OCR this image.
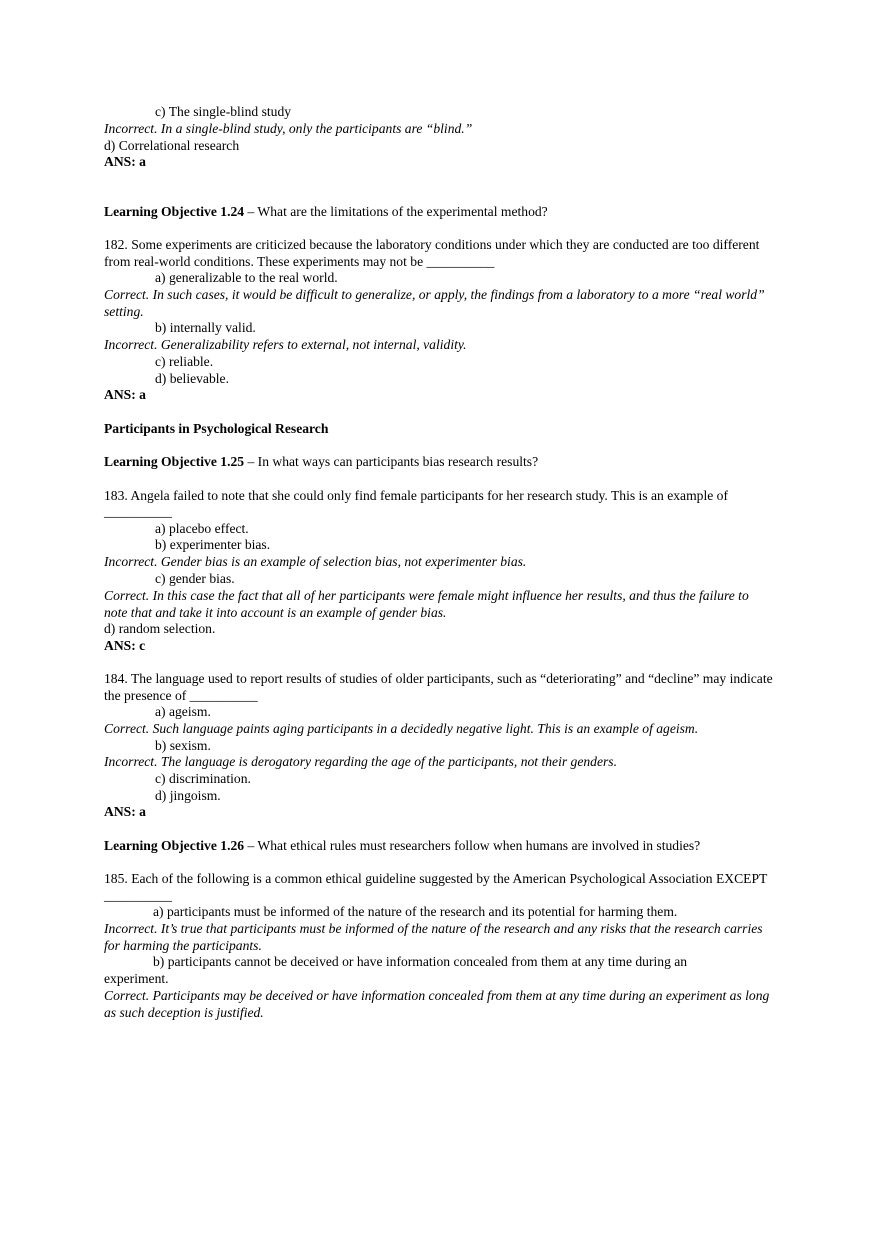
c) The single-blind study
Incorrect. In a single-blind study, only the participants are “blind.”
d) Correlational research
ANS: a
Learning Objective 1.24 – What are the limitations of the experimental method?
182. Some experiments are criticized because the laboratory conditions under which they are conducted are too different from real-world conditions. These experiments may not be __________
a) generalizable to the real world.
Correct. In such cases, it would be difficult to generalize, or apply, the findings from a laboratory to a more “real world” setting.
b) internally valid.
Incorrect. Generalizability refers to external, not internal, validity.
c) reliable.
d) believable.
ANS: a
Participants in Psychological Research
Learning Objective 1.25 – In what ways can participants bias research results?
183. Angela failed to note that she could only find female participants for her research study. This is an example of
__________
a) placebo effect.
b) experimenter bias.
Incorrect. Gender bias is an example of selection bias, not experimenter bias.
c) gender bias.
Correct. In this case the fact that all of her participants were female might influence her results, and thus the failure to note that and take it into account is an example of gender bias.
d) random selection.
ANS: c
184. The language used to report results of studies of older participants, such as “deteriorating” and “decline” may indicate the presence of __________
a) ageism.
Correct. Such language paints aging participants in a decidedly negative light. This is an example of ageism.
b) sexism.
Incorrect. The language is derogatory regarding the age of the participants, not their genders.
c) discrimination.
d) jingoism.
ANS: a
Learning Objective 1.26 – What ethical rules must researchers follow when humans are involved in studies?
185. Each of the following is a common ethical guideline suggested by the American Psychological Association EXCEPT __________
a) participants must be informed of the nature of the research and its potential for harming them.
Incorrect. It’s true that participants must be informed of the nature of the research and any risks that the research carries for harming the participants.
b) participants cannot be deceived or have information concealed from them at any time during an
experiment.
Correct. Participants may be deceived or have information concealed from them at any time during an experiment as long as such deception is justified.
